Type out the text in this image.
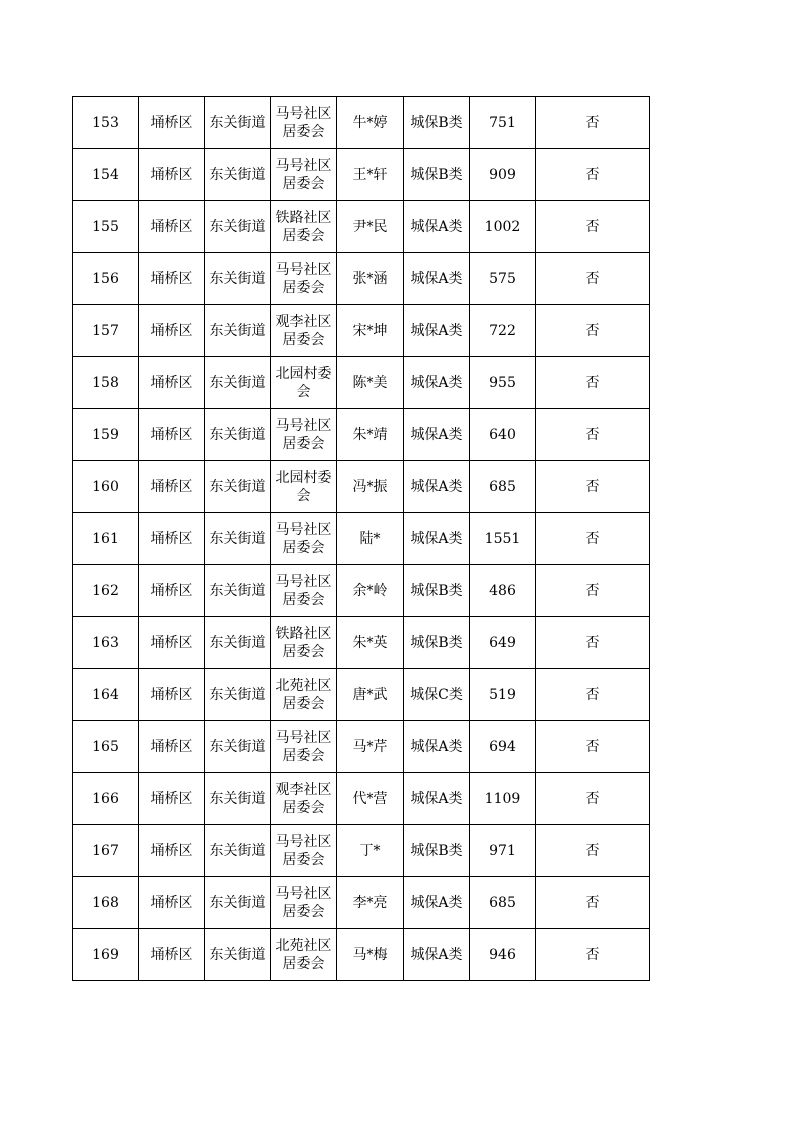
153	埇桥区	东关街道	马号社区居委会	牛*婷	城保B类	751	否
154	埇桥区	东关街道	马号社区居委会	王*轩	城保B类	909	否
155	埇桥区	东关街道	铁路社区居委会	尹*民	城保A类	1002	否
156	埇桥区	东关街道	马号社区居委会	张*涵	城保A类	575	否
157	埇桥区	东关街道	观李社区居委会	宋*坤	城保A类	722	否
158	埇桥区	东关街道	北园村委会	陈*美	城保A类	955	否
159	埇桥区	东关街道	马号社区居委会	朱*靖	城保A类	640	否
160	埇桥区	东关街道	北园村委会	冯*振	城保A类	685	否
161	埇桥区	东关街道	马号社区居委会	陆*	城保A类	1551	否
162	埇桥区	东关街道	马号社区居委会	余*岭	城保B类	486	否
163	埇桥区	东关街道	铁路社区居委会	朱*英	城保B类	649	否
164	埇桥区	东关街道	北苑社区居委会	唐*武	城保C类	519	否
165	埇桥区	东关街道	马号社区居委会	马*芹	城保A类	694	否
166	埇桥区	东关街道	观李社区居委会	代*营	城保A类	1109	否
167	埇桥区	东关街道	马号社区居委会	丁*	城保B类	971	否
168	埇桥区	东关街道	马号社区居委会	李*亮	城保A类	685	否
169	埇桥区	东关街道	北苑社区居委会	马*梅	城保A类	946	否
